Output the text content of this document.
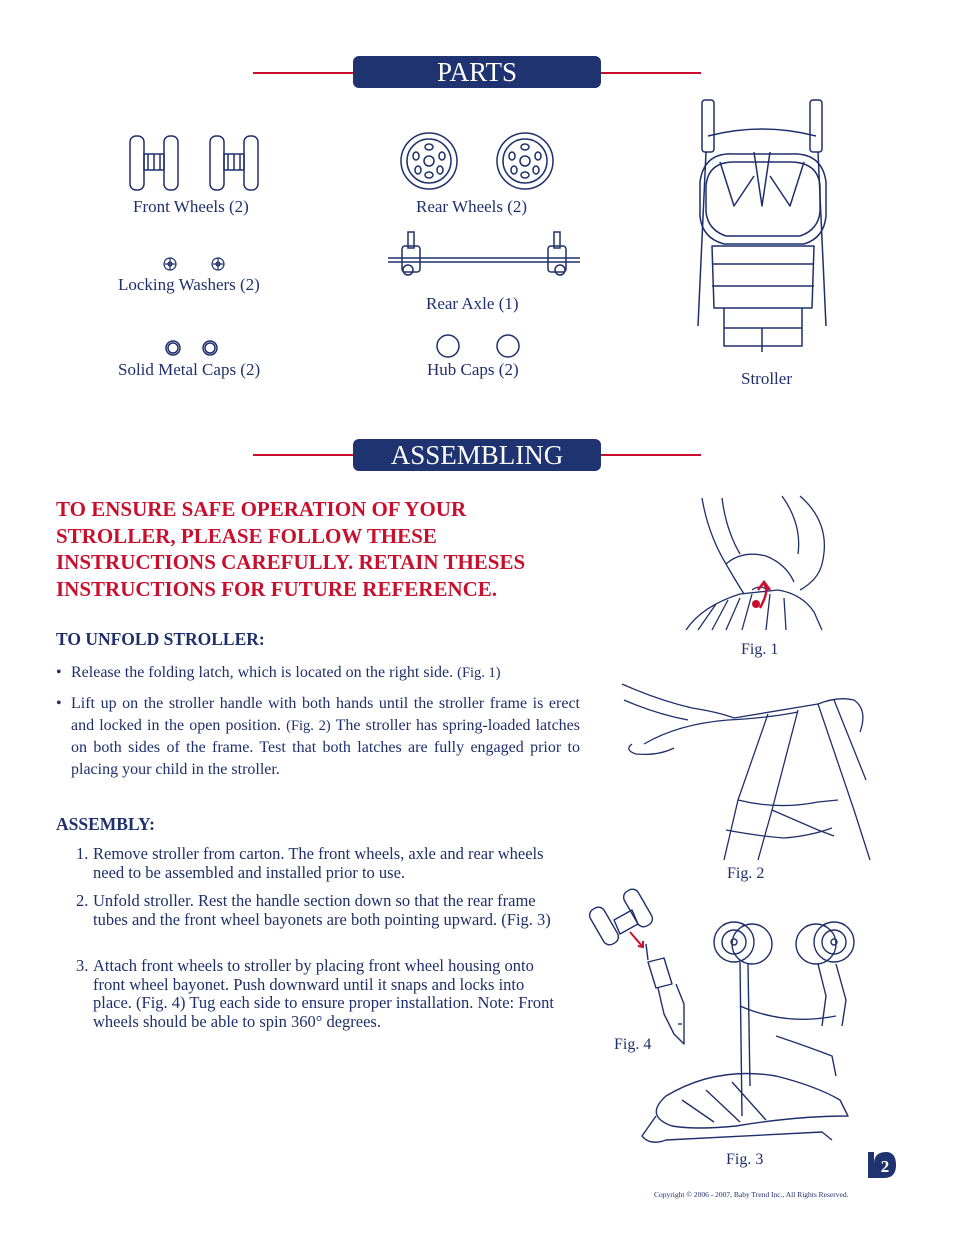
PARTS
Front Wheels (2)	Rear Wheels (2)
Locking Washers (2)
Rear Axle (1)
Solid Metal Caps (2)	Hub Caps (2)	Stroller
ASSEMBLING
TO ENSURE SAFE OPERATION OF YOUR
STROLLER, PLEASE FOLLOW THESE
INSTRUCTIONS CAREFULLY. RETAIN THESES
INSTRUCTIONS FOR FUTURE REFERENCE.
TO UNFOLD STROLLER:
• Release the folding latch, which is located on the right side. (Fig. 1)
• Lift up on the stroller handle with both hands until the stroller frame is erect and locked in the open position. (Fig. 2) The stroller has spring-loaded latches on both sides of the frame. Test that both latches are fully engaged prior to placing your child in the stroller.
ASSEMBLY:
1. Remove stroller from carton. The front wheels, axle and rear wheels need to be assembled and installed prior to use.
2. Unfold stroller. Rest the handle section down so that the rear frame tubes and the front wheel bayonets are both pointing upward. (Fig. 3)
3. Attach front wheels to stroller by placing front wheel housing onto front wheel bayonet. Push downward until it snaps and locks into place. (Fig. 4) Tug each side to ensure proper installation. Note: Front wheels should be able to spin 360° degrees.
Fig. 1
Fig. 2
Fig. 4
Fig. 3	2
Copyright © 2006 - 2007, Baby Trend Inc., All Rights Reserved.
